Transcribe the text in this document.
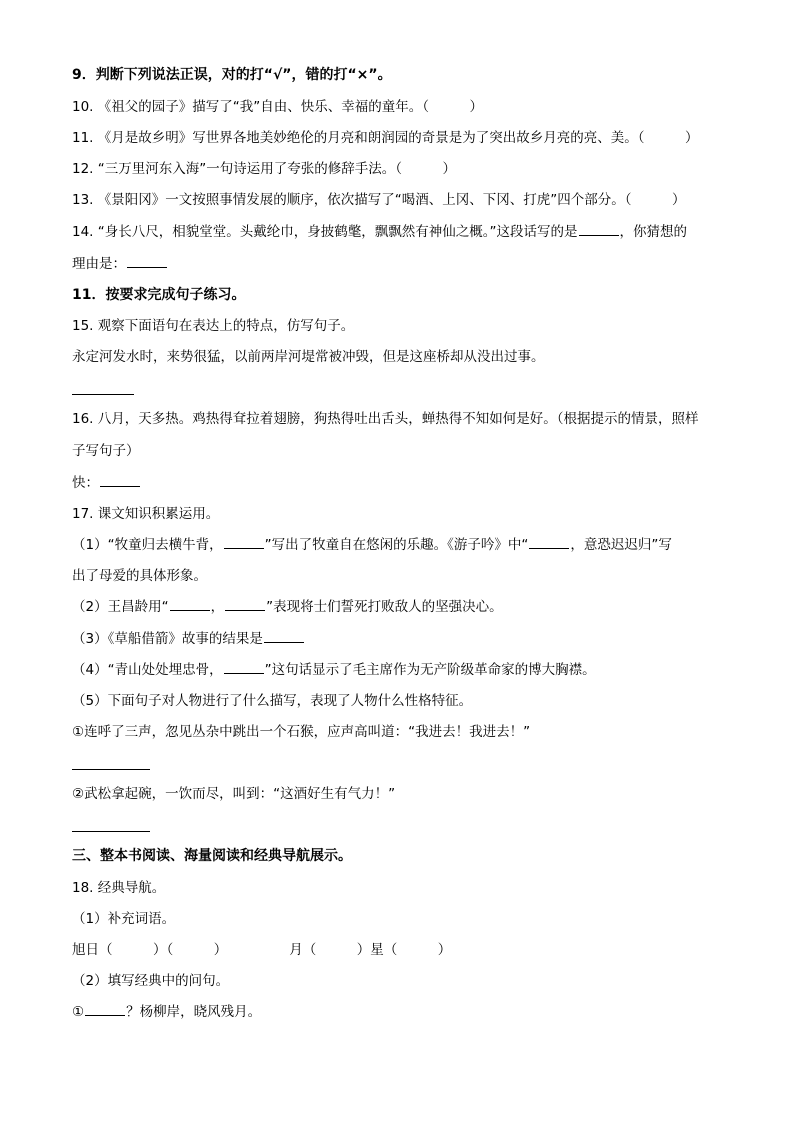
9．判断下列说法正误，对的打“√”，错的打“×”。
10. 《祖父的园子》描写了“我”自由、快乐、幸福的童年。（　　　）
11. 《月是故乡明》写世界各地美妙绝伦的月亮和朗润园的奇景是为了突出故乡月亮的亮、美。（　　　）
12. “三万里河东入海”一句诗运用了夸张的修辞手法。（　　　）
13. 《景阳冈》一文按照事情发展的顺序，依次描写了“喝酒、上冈、下冈、打虎”四个部分。（　　　）
14. “身长八尺，相貌堂堂。头戴纶巾，身披鹤氅，飘飘然有神仙之概。”这段话写的是	，你猜想的
理由是：
11．按要求完成句子练习。
15. 观察下面语句在表达上的特点，仿写句子。
永定河发水时，来势很猛，以前两岸河堤常被冲毁，但是这座桥却从没出过事。
16. 八月，天多热。鸡热得耷拉着翅膀，狗热得吐出舌头，蝉热得不知如何是好。（根据提示的情景，照样
子写句子）
快：
17. 课文知识积累运用。
（1）“牧童归去横牛背，	”写出了牧童自在悠闲的乐趣。《游子吟》中“	，意恐迟迟归”写
出了母爱的具体形象。
（2）王昌龄用“	，	”表现将士们誓死打败敌人的坚强决心。
（3）《草船借箭》故事的结果是
（4）“青山处处埋忠骨，	”这句话显示了毛主席作为无产阶级革命家的博大胸襟。
（5）下面句子对人物进行了什么描写，表现了人物什么性格特征。
①连呼了三声，忽见丛杂中跳出一个石猴，应声高叫道：“我进去！我进去！”
②武松拿起碗，一饮而尽，叫到：“这酒好生有气力！”
三、整本书阅读、海量阅读和经典导航展示。
18. 经典导航。
（1）补充词语。
旭日（　　　）（　　　）	月（　　　）星（　　　）
（2）填写经典中的问句。
①	？杨柳岸，晓风残月。
